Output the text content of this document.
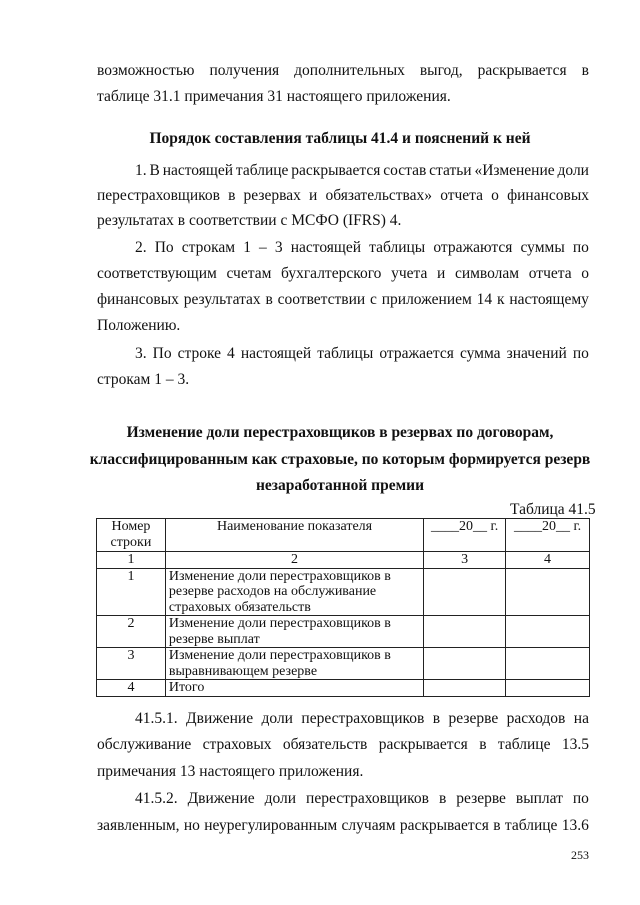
возможностью получения дополнительных выгод, раскрывается в
таблице 31.1 примечания 31 настоящего приложения.
Порядок составления таблицы 41.4 и пояснений к ней
1. В настоящей таблице раскрывается состав статьи «Изменение доли
перестраховщиков в резервах и обязательствах» отчета о финансовых
результатах в соответствии с МСФО (IFRS) 4.
2. По строкам 1 – 3 настоящей таблицы отражаются суммы по
соответствующим счетам бухгалтерского учета и символам отчета о
финансовых результатах в соответствии с приложением 14 к настоящему
Положению.
3. По строке 4 настоящей таблицы отражается сумма значений по
строкам 1 – 3.
Изменение доли перестраховщиков в резервах по договорам,
классифицированным как страховые, по которым формируется резерв
незаработанной премии
Таблица 41.5
Номер строки	Наименование показателя	____20__ г.	____20__ г.
1	2	3	4
1	Изменение доли перестраховщиков в резерве расходов на обслуживание страховых обязательств		
2	Изменение доли перестраховщиков в резерве выплат		
3	Изменение доли перестраховщиков в выравнивающем резерве		
4	Итого		
41.5.1. Движение доли перестраховщиков в резерве расходов на
обслуживание страховых обязательств раскрывается в таблице 13.5
примечания 13 настоящего приложения.
41.5.2. Движение доли перестраховщиков в резерве выплат по
заявленным, но неурегулированным случаям раскрывается в таблице 13.6
253
